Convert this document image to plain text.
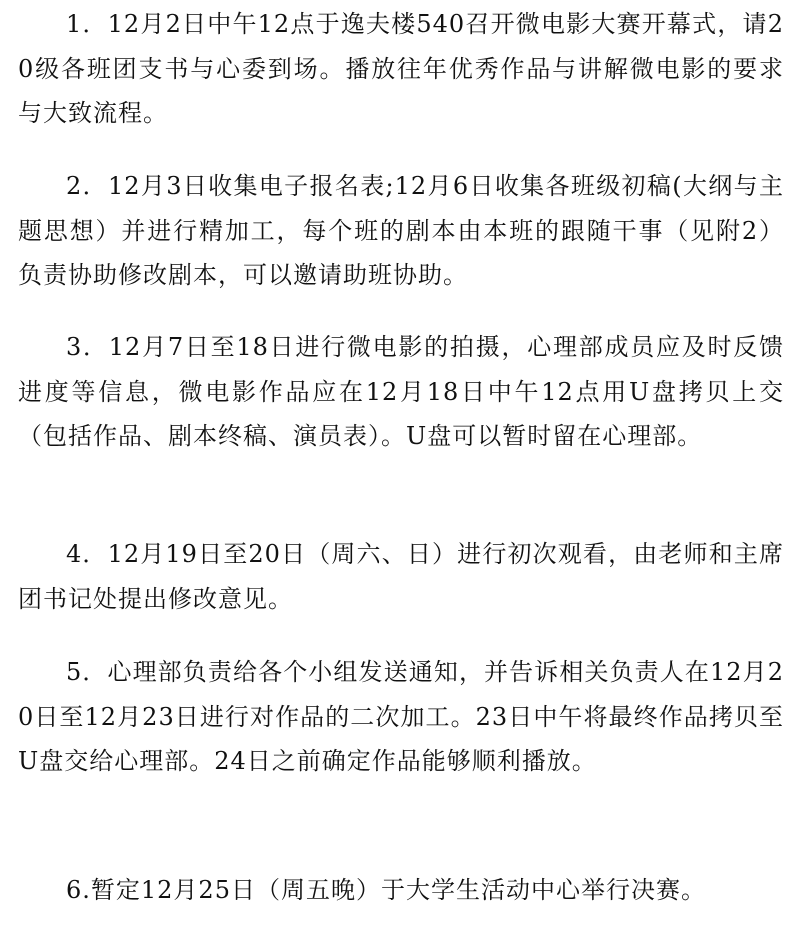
1．12月2日中午12点于逸夫楼540召开微电影大赛开幕式，请20级各班团支书与心委到场。播放往年优秀作品与讲解微电影的要求与大致流程。

2．12月3日收集电子报名表;12月6日收集各班级初稿(大纲与主题思想）并进行精加工，每个班的剧本由本班的跟随干事（见附2）负责协助修改剧本，可以邀请助班协助。

3．12月7日至18日进行微电影的拍摄，心理部成员应及时反馈进度等信息，微电影作品应在12月18日中午12点用U盘拷贝上交（包括作品、剧本终稿、演员表）。U盘可以暂时留在心理部。

4．12月19日至20日（周六、日）进行初次观看，由老师和主席团书记处提出修改意见。

5．心理部负责给各个小组发送通知，并告诉相关负责人在12月20日至12月23日进行对作品的二次加工。23日中午将最终作品拷贝至U盘交给心理部。24日之前确定作品能够顺利播放。

6.暂定12月25日（周五晚）于大学生活动中心举行决赛。
